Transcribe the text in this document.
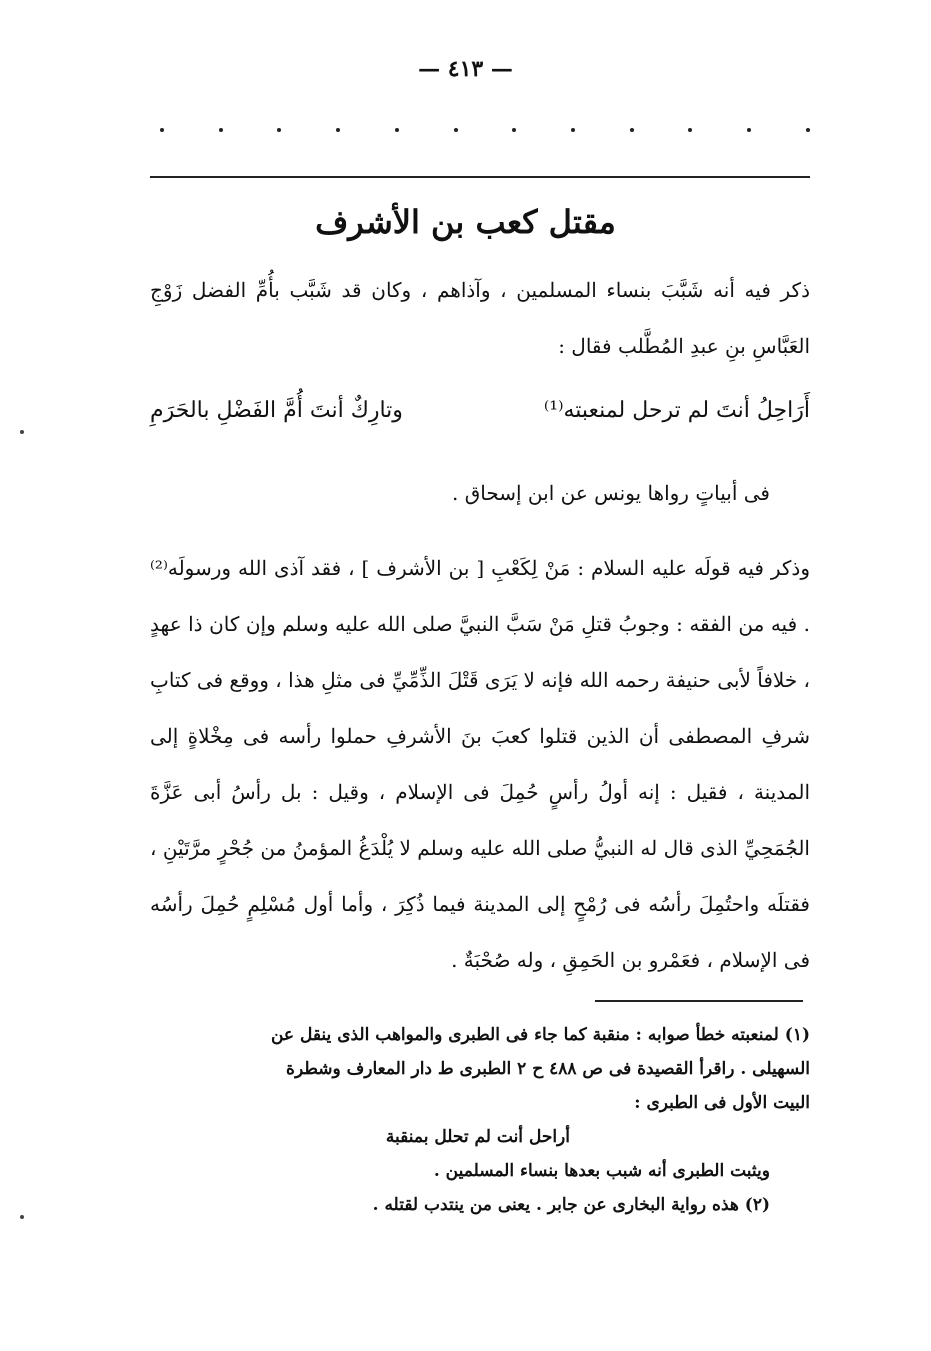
— ٤١٣ —
مقتل كعب بن الأشرف
ذكر فيه أنه شَبَّبَ بنساء المسلمين ، وآذاهم ، وكان قد شَبَّب بأُمِّ الفضل زَوْجِ العَبَّاسِ بنِ عبدِ المُطَّلب فقال :
أَرَاحِلُ أنتَ لم ترحل لمنعبته⁽¹⁾
وتارِكٌ أنتَ أُمَّ الفَضْلِ بالحَرَمِ
فى أبياتٍ رواها يونس عن ابن إسحاق .
وذكر فيه قولَه عليه السلام : مَنْ لِكَعْبِ [ بن الأشرف ] ، فقد آذى الله ورسولَه⁽²⁾ . فيه من الفقه : وجوبُ قتلِ مَنْ سَبَّ النبيَّ صلى الله عليه وسلم وإن كان ذا عهدٍ ، خلافاً لأبى حنيفة رحمه الله فإنه لا يَرَى قَتْلَ الذِّمِّيِّ فى مثلِ هذا ، ووقع فى كتابِ شرفِ المصطفى أن الذين قتلوا كعبَ بنَ الأشرفِ حملوا رأسه فى مِخْلاةٍ إلى المدينة ، فقيل : إنه أولُ رأسٍ حُمِلَ فى الإسلام ، وقيل : بل رأسُ أبى عَزَّةَ الجُمَحِيِّ الذى قال له النبيُّ صلى الله عليه وسلم لا يُلْدَغُ المؤمنُ من جُحْرٍ مرَّتَيْنِ ، فقتلَه واحتُمِلَ رأسُه فى رُمْحٍ إلى المدينة فيما ذُكِرَ ، وأما أول مُسْلِمٍ حُمِلَ رأسُه فى الإسلام ، فعَمْرو بن الحَمِقِ ، وله صُحْبَةٌ .
(١) لمنعبته خطأ صوابه : منقبة كما جاء فى الطبرى والمواهب الذى ينقل عن
السهيلى . راقرأ القصيدة فى ص ٤٨٨ ح ٢ الطبرى ط دار المعارف وشطرة
البيت الأول فى الطبرى :
أراحل أنت لم تحلل بمنقبة
ويثبت الطبرى أنه شبب بعدها بنساء المسلمين .
(٢) هذه رواية البخارى عن جابر . يعنى من ينتدب لقتله .
